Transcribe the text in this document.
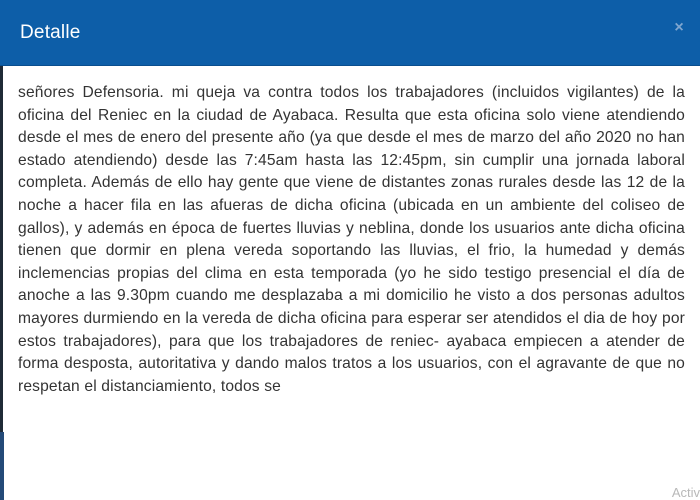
Detalle	×

señores Defensoria. mi queja va contra todos los trabajadores (incluidos vigilantes) de la oficina del Reniec en la ciudad de Ayabaca. Resulta que esta oficina solo viene atendiendo desde el mes de enero del presente año (ya que desde el mes de marzo del año 2020 no han estado atendiendo) desde las 7:45am hasta las 12:45pm, sin cumplir una jornada laboral completa. Además de ello hay gente que viene de distantes zonas rurales desde las 12 de la noche a hacer fila en las afueras de dicha oficina (ubicada en un ambiente del coliseo de gallos), y además en época de fuertes lluvias y neblina, donde los usuarios ante dicha oficina tienen que dormir en plena vereda soportando las lluvias, el frio, la humedad y demás inclemencias propias del clima en esta temporada (yo he sido testigo presencial el día de anoche a las 9.30pm cuando me desplazaba a mi domicilio he visto a dos personas adultos mayores durmiendo en la vereda de dicha oficina para esperar ser atendidos el dia de hoy por estos trabajadores), para que los trabajadores de reniec- ayabaca empiecen a atender de forma desposta, autoritativa y dando malos tratos a los usuarios, con el agravante de que no respetan el distanciamiento, todos se

Activ
